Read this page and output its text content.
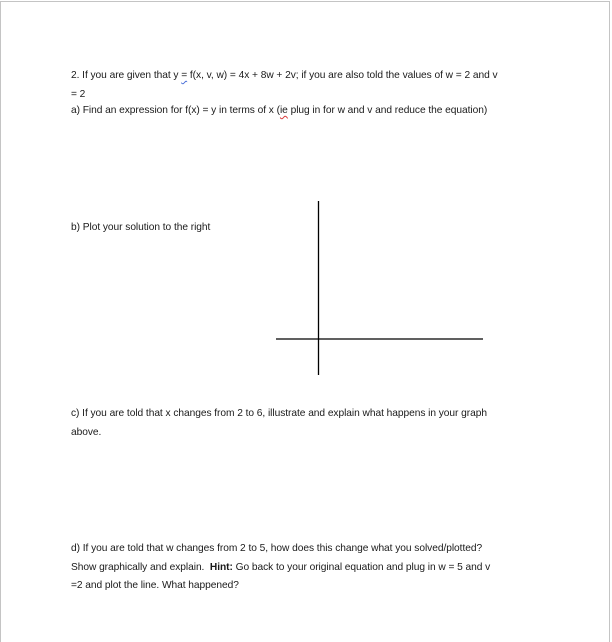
2. If you are given that y = f(x, v, w) = 4x + 8w + 2v; if you are also told the values of w = 2 and v
= 2
a) Find an expression for f(x) = y in terms of x (ie plug in for w and v and reduce the equation)
b) Plot your solution to the right
c) If you are told that x changes from 2 to 6, illustrate and explain what happens in your graph
above.
d) If you are told that w changes from 2 to 5, how does this change what you solved/plotted?
Show graphically and explain.  Hint: Go back to your original equation and plug in w = 5 and v
=2 and plot the line. What happened?
